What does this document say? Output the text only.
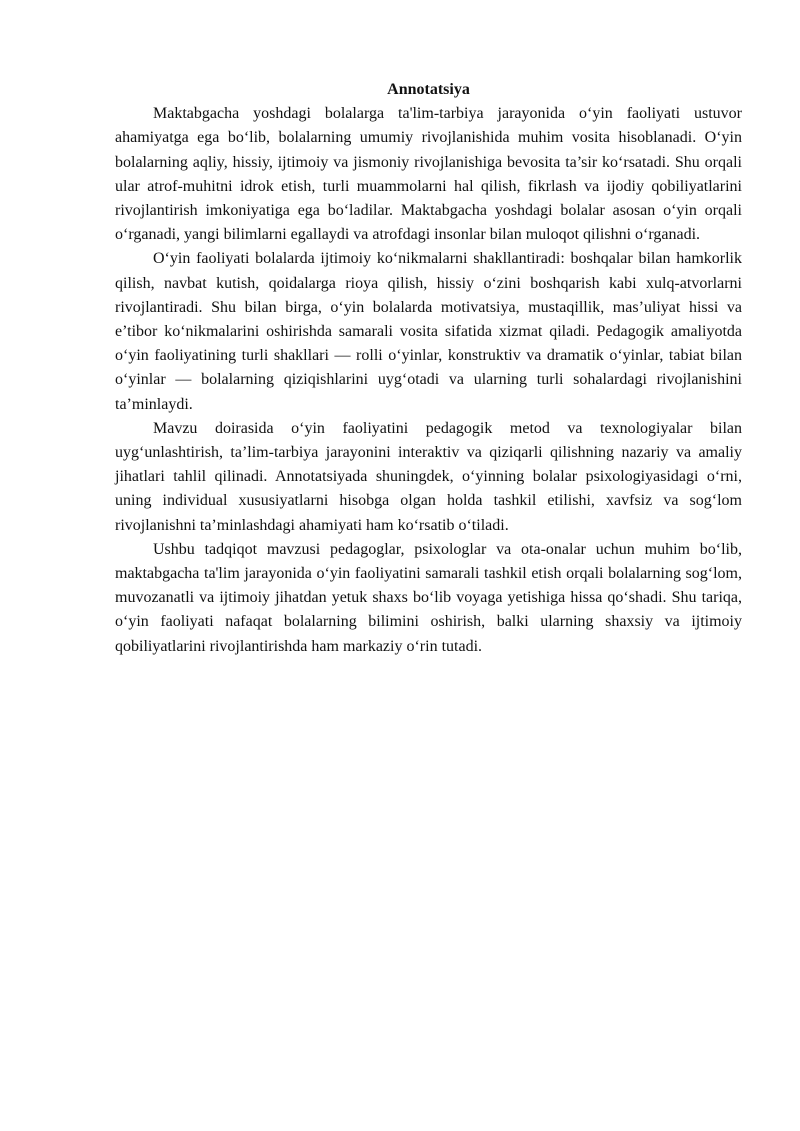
Annotatsiya

Maktabgacha yoshdagi bolalarga ta'lim-tarbiya jarayonida o‘yin faoliyati ustuvor ahamiyatga ega bo‘lib, bolalarning umumiy rivojlanishida muhim vosita hisoblanadi. O‘yin bolalarning aqliy, hissiy, ijtimoiy va jismoniy rivojlanishiga bevosita ta’sir ko‘rsatadi. Shu orqali ular atrof-muhitni idrok etish, turli muammolarni hal qilish, fikrlash va ijodiy qobiliyatlarini rivojlantirish imkoniyatiga ega bo‘ladilar. Maktabgacha yoshdagi bolalar asosan o‘yin orqali o‘rganadi, yangi bilimlarni egallaydi va atrofdagi insonlar bilan muloqot qilishni o‘rganadi.

O‘yin faoliyati bolalarda ijtimoiy ko‘nikmalarni shakllantiradi: boshqalar bilan hamkorlik qilish, navbat kutish, qoidalarga rioya qilish, hissiy o‘zini boshqarish kabi xulq-atvorlarni rivojlantiradi. Shu bilan birga, o‘yin bolalarda motivatsiya, mustaqillik, mas’uliyat hissi va e’tibor ko‘nikmalarini oshirishda samarali vosita sifatida xizmat qiladi. Pedagogik amaliyotda o‘yin faoliyatining turli shakllari — rolli o‘yinlar, konstruktiv va dramatik o‘yinlar, tabiat bilan o‘yinlar — bolalarning qiziqishlarini uyg‘otadi va ularning turli sohalardagi rivojlanishini ta’minlaydi.

Mavzu doirasida o‘yin faoliyatini pedagogik metod va texnologiyalar bilan uyg‘unlashtirish, ta’lim-tarbiya jarayonini interaktiv va qiziqarli qilishning nazariy va amaliy jihatlari tahlil qilinadi. Annotatsiyada shuningdek, o‘yinning bolalar psixologiyasidagi o‘rni, uning individual xususiyatlarni hisobga olgan holda tashkil etilishi, xavfsiz va sog‘lom rivojlanishni ta’minlashdagi ahamiyati ham ko‘rsatib o‘tiladi.

Ushbu tadqiqot mavzusi pedagoglar, psixologlar va ota-onalar uchun muhim bo‘lib, maktabgacha ta'lim jarayonida o‘yin faoliyatini samarali tashkil etish orqali bolalarning sog‘lom, muvozanatli va ijtimoiy jihatdan yetuk shaxs bo‘lib voyaga yetishiga hissa qo‘shadi. Shu tariqa, o‘yin faoliyati nafaqat bolalarning bilimini oshirish, balki ularning shaxsiy va ijtimoiy qobiliyatlarini rivojlantirishda ham markaziy o‘rin tutadi.
